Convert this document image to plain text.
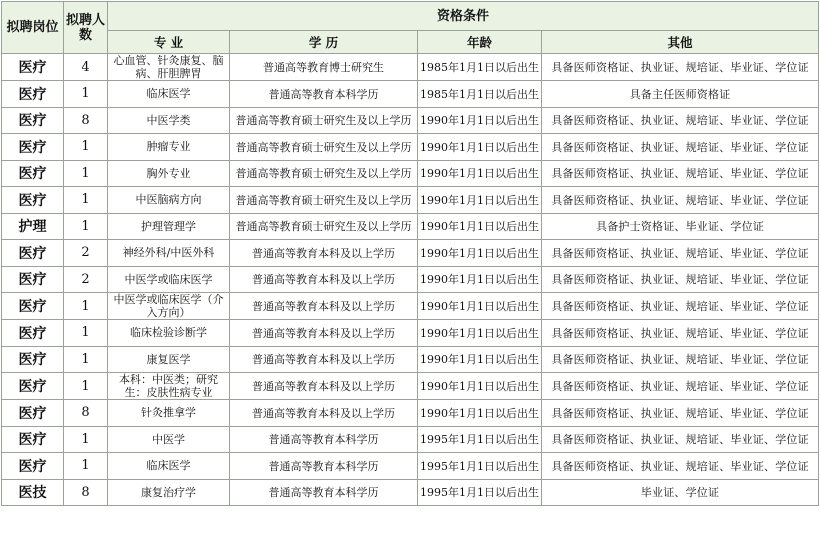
拟聘岗位	拟聘人数	资格条件			
		专 业	学 历	年龄	其他
医疗	4	心血管、针灸康复、脑病、肝胆脾胃	普通高等教育博士研究生	1985年1月1日以后出生	具备医师资格证、执业证、规培证、毕业证、学位证
医疗	1	临床医学	普通高等教育本科学历	1985年1月1日以后出生	具备主任医师资格证
医疗	8	中医学类	普通高等教育硕士研究生及以上学历	1990年1月1日以后出生	具备医师资格证、执业证、规培证、毕业证、学位证
医疗	1	肿瘤专业	普通高等教育硕士研究生及以上学历	1990年1月1日以后出生	具备医师资格证、执业证、规培证、毕业证、学位证
医疗	1	胸外专业	普通高等教育硕士研究生及以上学历	1990年1月1日以后出生	具备医师资格证、执业证、规培证、毕业证、学位证
医疗	1	中医脑病方向	普通高等教育硕士研究生及以上学历	1990年1月1日以后出生	具备医师资格证、执业证、规培证、毕业证、学位证
护理	1	护理管理学	普通高等教育硕士研究生及以上学历	1990年1月1日以后出生	具备护士资格证、毕业证、学位证
医疗	2	神经外科/中医外科	普通高等教育本科及以上学历	1990年1月1日以后出生	具备医师资格证、执业证、规培证、毕业证、学位证
医疗	2	中医学或临床医学	普通高等教育本科及以上学历	1990年1月1日以后出生	具备医师资格证、执业证、规培证、毕业证、学位证
医疗	1	中医学或临床医学（介入方向）	普通高等教育本科及以上学历	1990年1月1日以后出生	具备医师资格证、执业证、规培证、毕业证、学位证
医疗	1	临床检验诊断学	普通高等教育本科及以上学历	1990年1月1日以后出生	具备医师资格证、执业证、规培证、毕业证、学位证
医疗	1	康复医学	普通高等教育本科及以上学历	1990年1月1日以后出生	具备医师资格证、执业证、规培证、毕业证、学位证
医疗	1	本科：中医类；研究生：皮肤性病专业	普通高等教育本科及以上学历	1990年1月1日以后出生	具备医师资格证、执业证、规培证、毕业证、学位证
医疗	8	针灸推拿学	普通高等教育本科及以上学历	1990年1月1日以后出生	具备医师资格证、执业证、规培证、毕业证、学位证
医疗	1	中医学	普通高等教育本科学历	1995年1月1日以后出生	具备医师资格证、执业证、规培证、毕业证、学位证
医疗	1	临床医学	普通高等教育本科学历	1995年1月1日以后出生	具备医师资格证、执业证、规培证、毕业证、学位证
医技	8	康复治疗学	普通高等教育本科学历	1995年1月1日以后出生	毕业证、学位证
